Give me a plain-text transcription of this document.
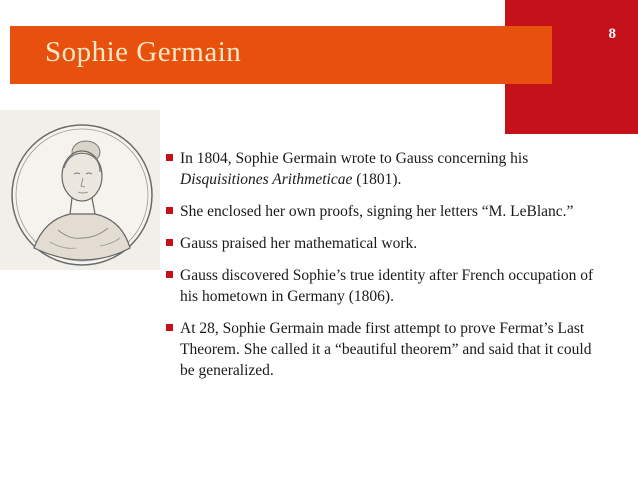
8
Sophie Germain
In 1804, Sophie Germain wrote to Gauss concerning his Disquisitiones Arithmeticae (1801).
She enclosed her own proofs, signing her letters “M. LeBlanc.”
Gauss praised her mathematical work.
Gauss discovered Sophie’s true identity after French occupation of his hometown in Germany (1806).
At 28, Sophie Germain made first attempt to prove Fermat’s Last Theorem. She called it a “beautiful theorem” and said that it could be generalized.
